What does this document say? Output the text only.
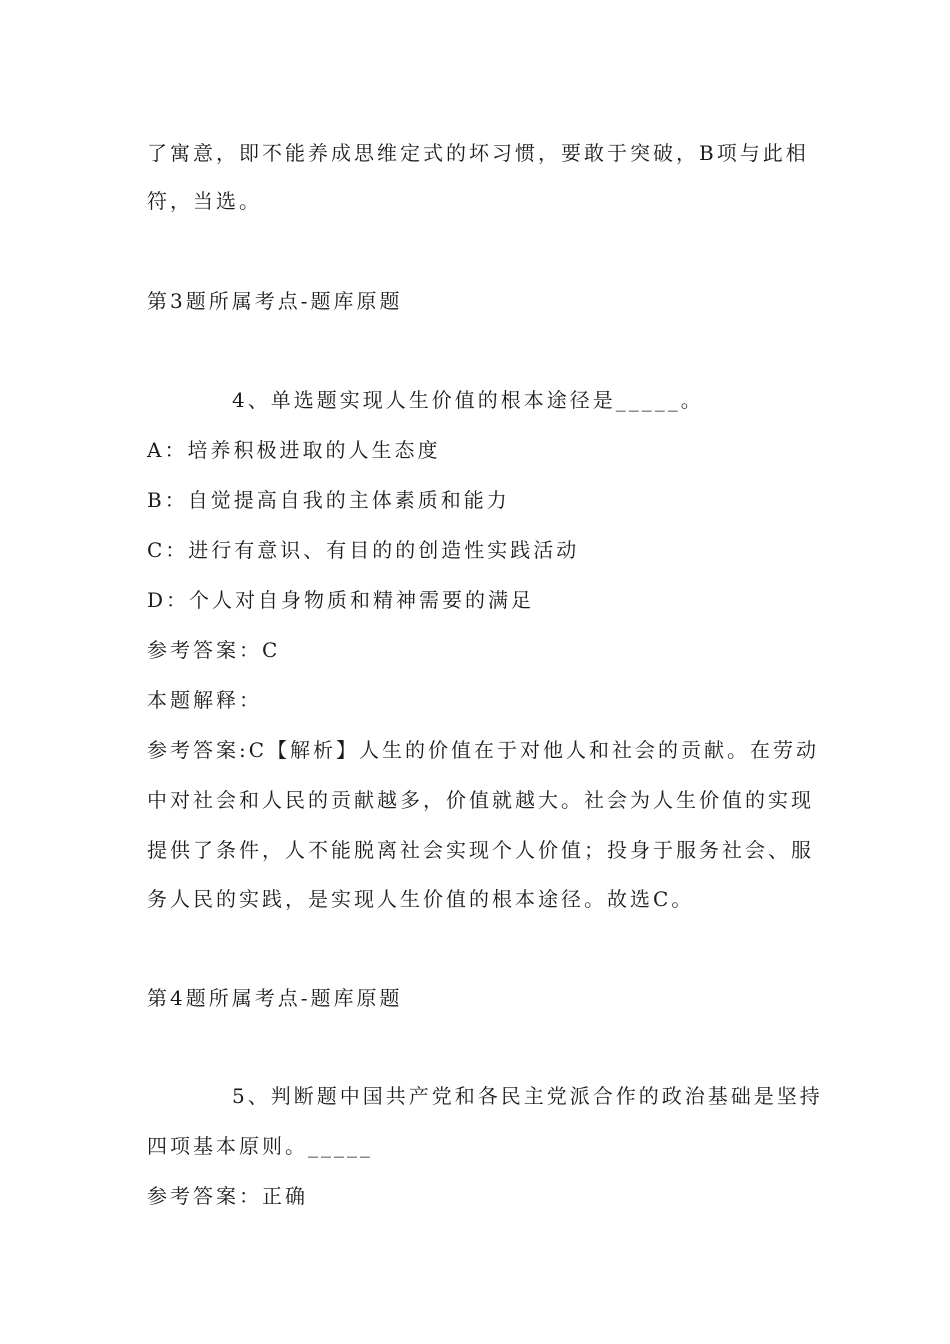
了寓意，即不能养成思维定式的坏习惯，要敢于突破，B项与此相
符，当选。
第3题所属考点-题库原题
4、单选题实现人生价值的根本途径是_____。
A：培养积极进取的人生态度
B：自觉提高自我的主体素质和能力
C：进行有意识、有目的的创造性实践活动
D：个人对自身物质和精神需要的满足
参考答案：C
本题解释：
参考答案:C【解析】人生的价值在于对他人和社会的贡献。在劳动
中对社会和人民的贡献越多，价值就越大。社会为人生价值的实现
提供了条件，人不能脱离社会实现个人价值；投身于服务社会、服
务人民的实践，是实现人生价值的根本途径。故选C。
第4题所属考点-题库原题
5、判断题中国共产党和各民主党派合作的政治基础是坚持
四项基本原则。_____
参考答案：正确
